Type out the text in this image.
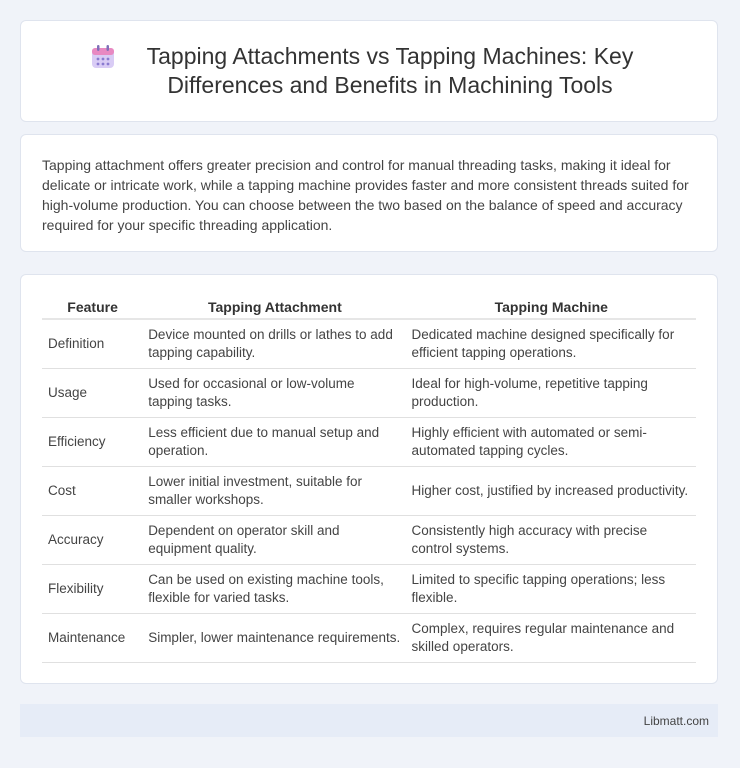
Tapping Attachments vs Tapping Machines: Key Differences and Benefits in Machining Tools

Tapping attachment offers greater precision and control for manual threading tasks, making it ideal for delicate or intricate work, while a tapping machine provides faster and more consistent threads suited for high-volume production. You can choose between the two based on the balance of speed and accuracy required for your specific threading application.

Feature	Tapping Attachment	Tapping Machine
Definition	Device mounted on drills or lathes to add tapping capability.	Dedicated machine designed specifically for efficient tapping operations.
Usage	Used for occasional or low-volume tapping tasks.	Ideal for high-volume, repetitive tapping production.
Efficiency	Less efficient due to manual setup and operation.	Highly efficient with automated or semi-automated tapping cycles.
Cost	Lower initial investment, suitable for smaller workshops.	Higher cost, justified by increased productivity.
Accuracy	Dependent on operator skill and equipment quality.	Consistently high accuracy with precise control systems.
Flexibility	Can be used on existing machine tools, flexible for varied tasks.	Limited to specific tapping operations; less flexible.
Maintenance	Simpler, lower maintenance requirements.	Complex, requires regular maintenance and skilled operators.
Libmatt.com
